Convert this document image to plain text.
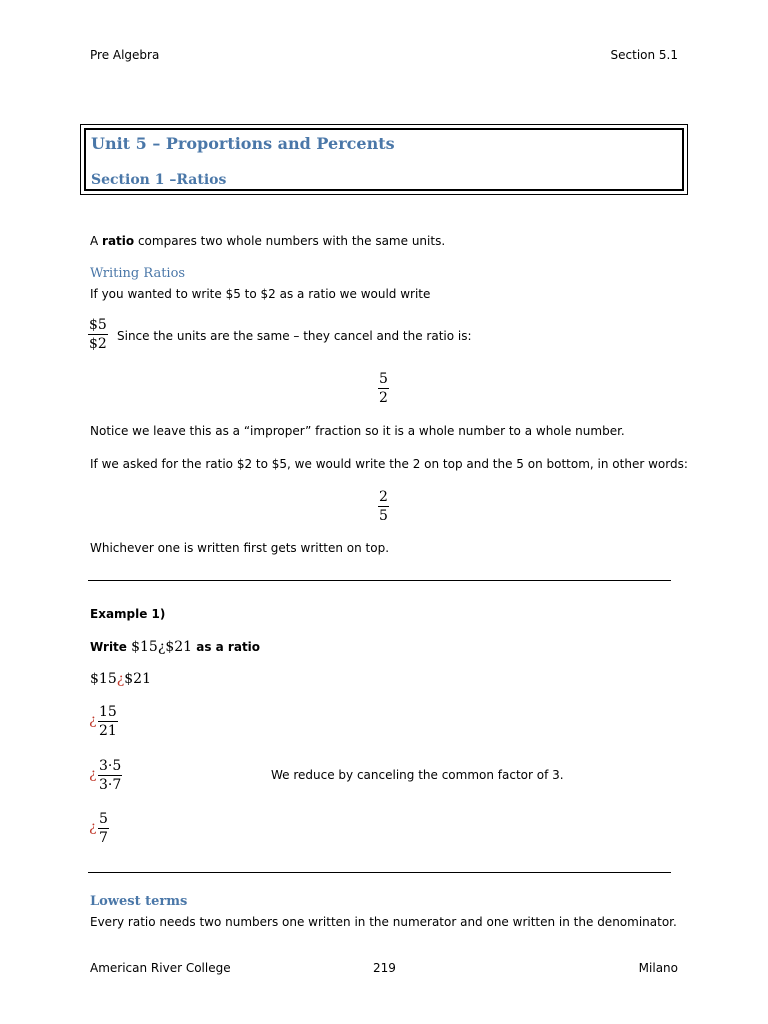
Pre Algebra	Section 5.1
Unit 5 – Proportions and Percents
Section 1 –Ratios
A ratio compares two whole numbers with the same units.
Writing Ratios
If you wanted to write $5 to $2 as a ratio we would write
$5
$2 Since the units are the same – they cancel and the ratio is:
5
2
Notice we leave this as a “improper” fraction so it is a whole number to a whole number.
If we asked for the ratio $2 to $5, we would write the 2 on top and the 5 on bottom, in other words:
2
5
Whichever one is written first gets written on top.
Example 1)
Write $15¿$21 as a ratio
$15¿$21
¿ 15
21
¿ 3·5
3·7
We reduce by canceling the common factor of 3.
¿ 5
7
Lowest terms
Every ratio needs two numbers one written in the numerator and one written in the denominator.
American River College	219	Milano
